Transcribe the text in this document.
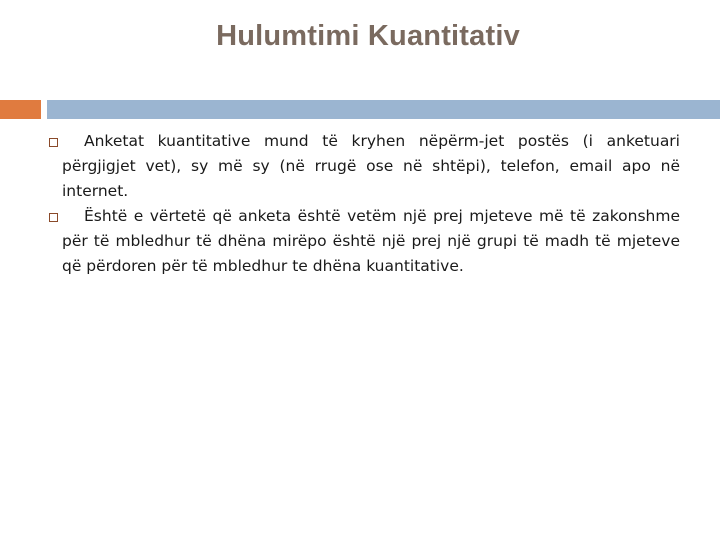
Hulumtimi Kuantitativ

Anketat kuantitative mund të kryhen nëpërm-jet postës (i anketuari përgjigjet vet), sy më sy (në rrugë ose në shtëpi), telefon, email apo në internet.

Është e vërtetë që anketa është vetëm një prej mjeteve më të zakonshme për të mbledhur të dhëna mirëpo është një prej një grupi të madh të mjeteve që përdoren për të mbledhur te dhëna kuantitative.
